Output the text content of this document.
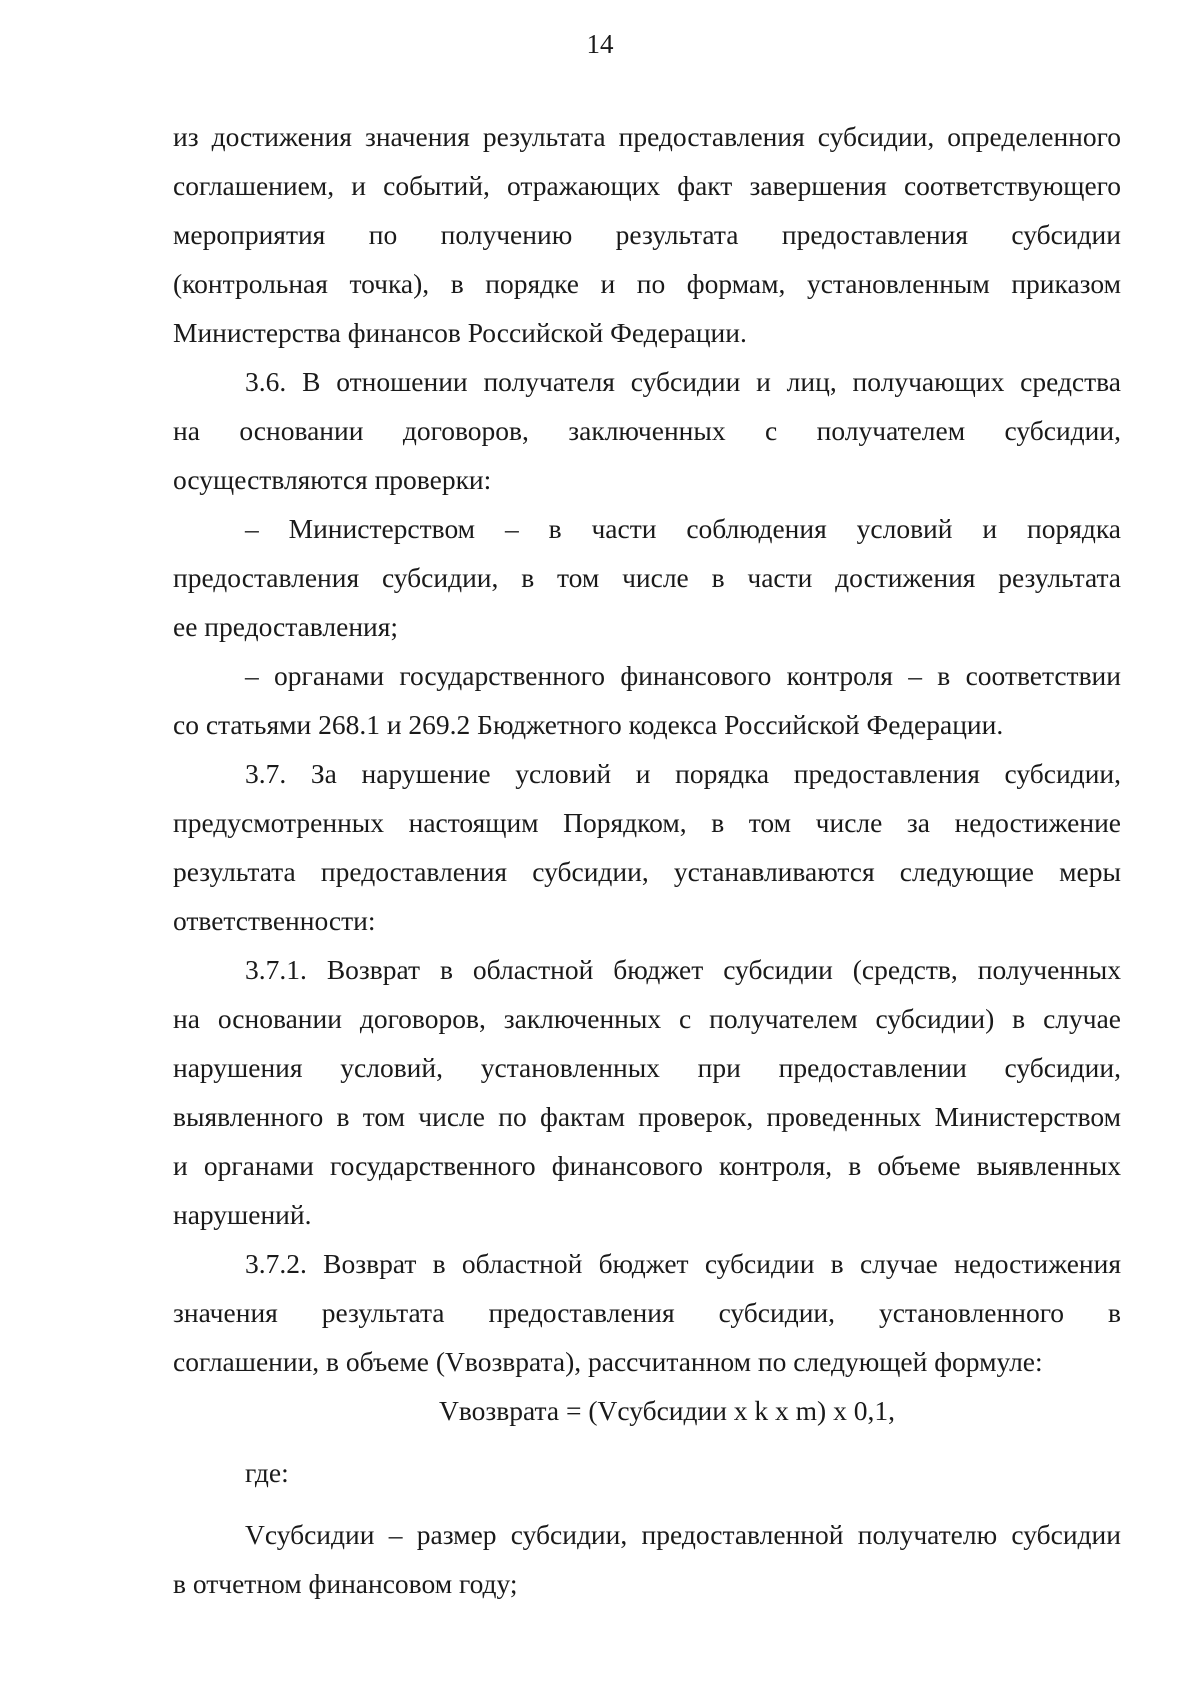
14
из достижения значения результата предоставления субсидии, определенного
соглашением, и событий, отражающих факт завершения соответствующего
мероприятия по получению результата предоставления субсидии
(контрольная точка), в порядке и по формам, установленным приказом
Министерства финансов Российской Федерации.
3.6. В отношении получателя субсидии и лиц, получающих средства
на основании договоров, заключенных с получателем субсидии,
осуществляются проверки:
– Министерством – в части соблюдения условий и порядка
предоставления субсидии, в том числе в части достижения результата
ее предоставления;
– органами государственного финансового контроля – в соответствии
со статьями 268.1 и 269.2 Бюджетного кодекса Российской Федерации.
3.7. За нарушение условий и порядка предоставления субсидии,
предусмотренных настоящим Порядком, в том числе за недостижение
результата предоставления субсидии, устанавливаются следующие меры
ответственности:
3.7.1. Возврат в областной бюджет субсидии (средств, полученных
на основании договоров, заключенных с получателем субсидии) в случае
нарушения условий, установленных при предоставлении субсидии,
выявленного в том числе по фактам проверок, проведенных Министерством
и органами государственного финансового контроля, в объеме выявленных
нарушений.
3.7.2. Возврат в областной бюджет субсидии в случае недостижения
значения результата предоставления субсидии, установленного в
соглашении, в объеме (Vвозврата), рассчитанном по следующей формуле:

Vвозврата = (Vсубсидии x k x m) x 0,1,

где:

Vсубсидии – размер субсидии, предоставленной получателю субсидии
в отчетном финансовом году;
